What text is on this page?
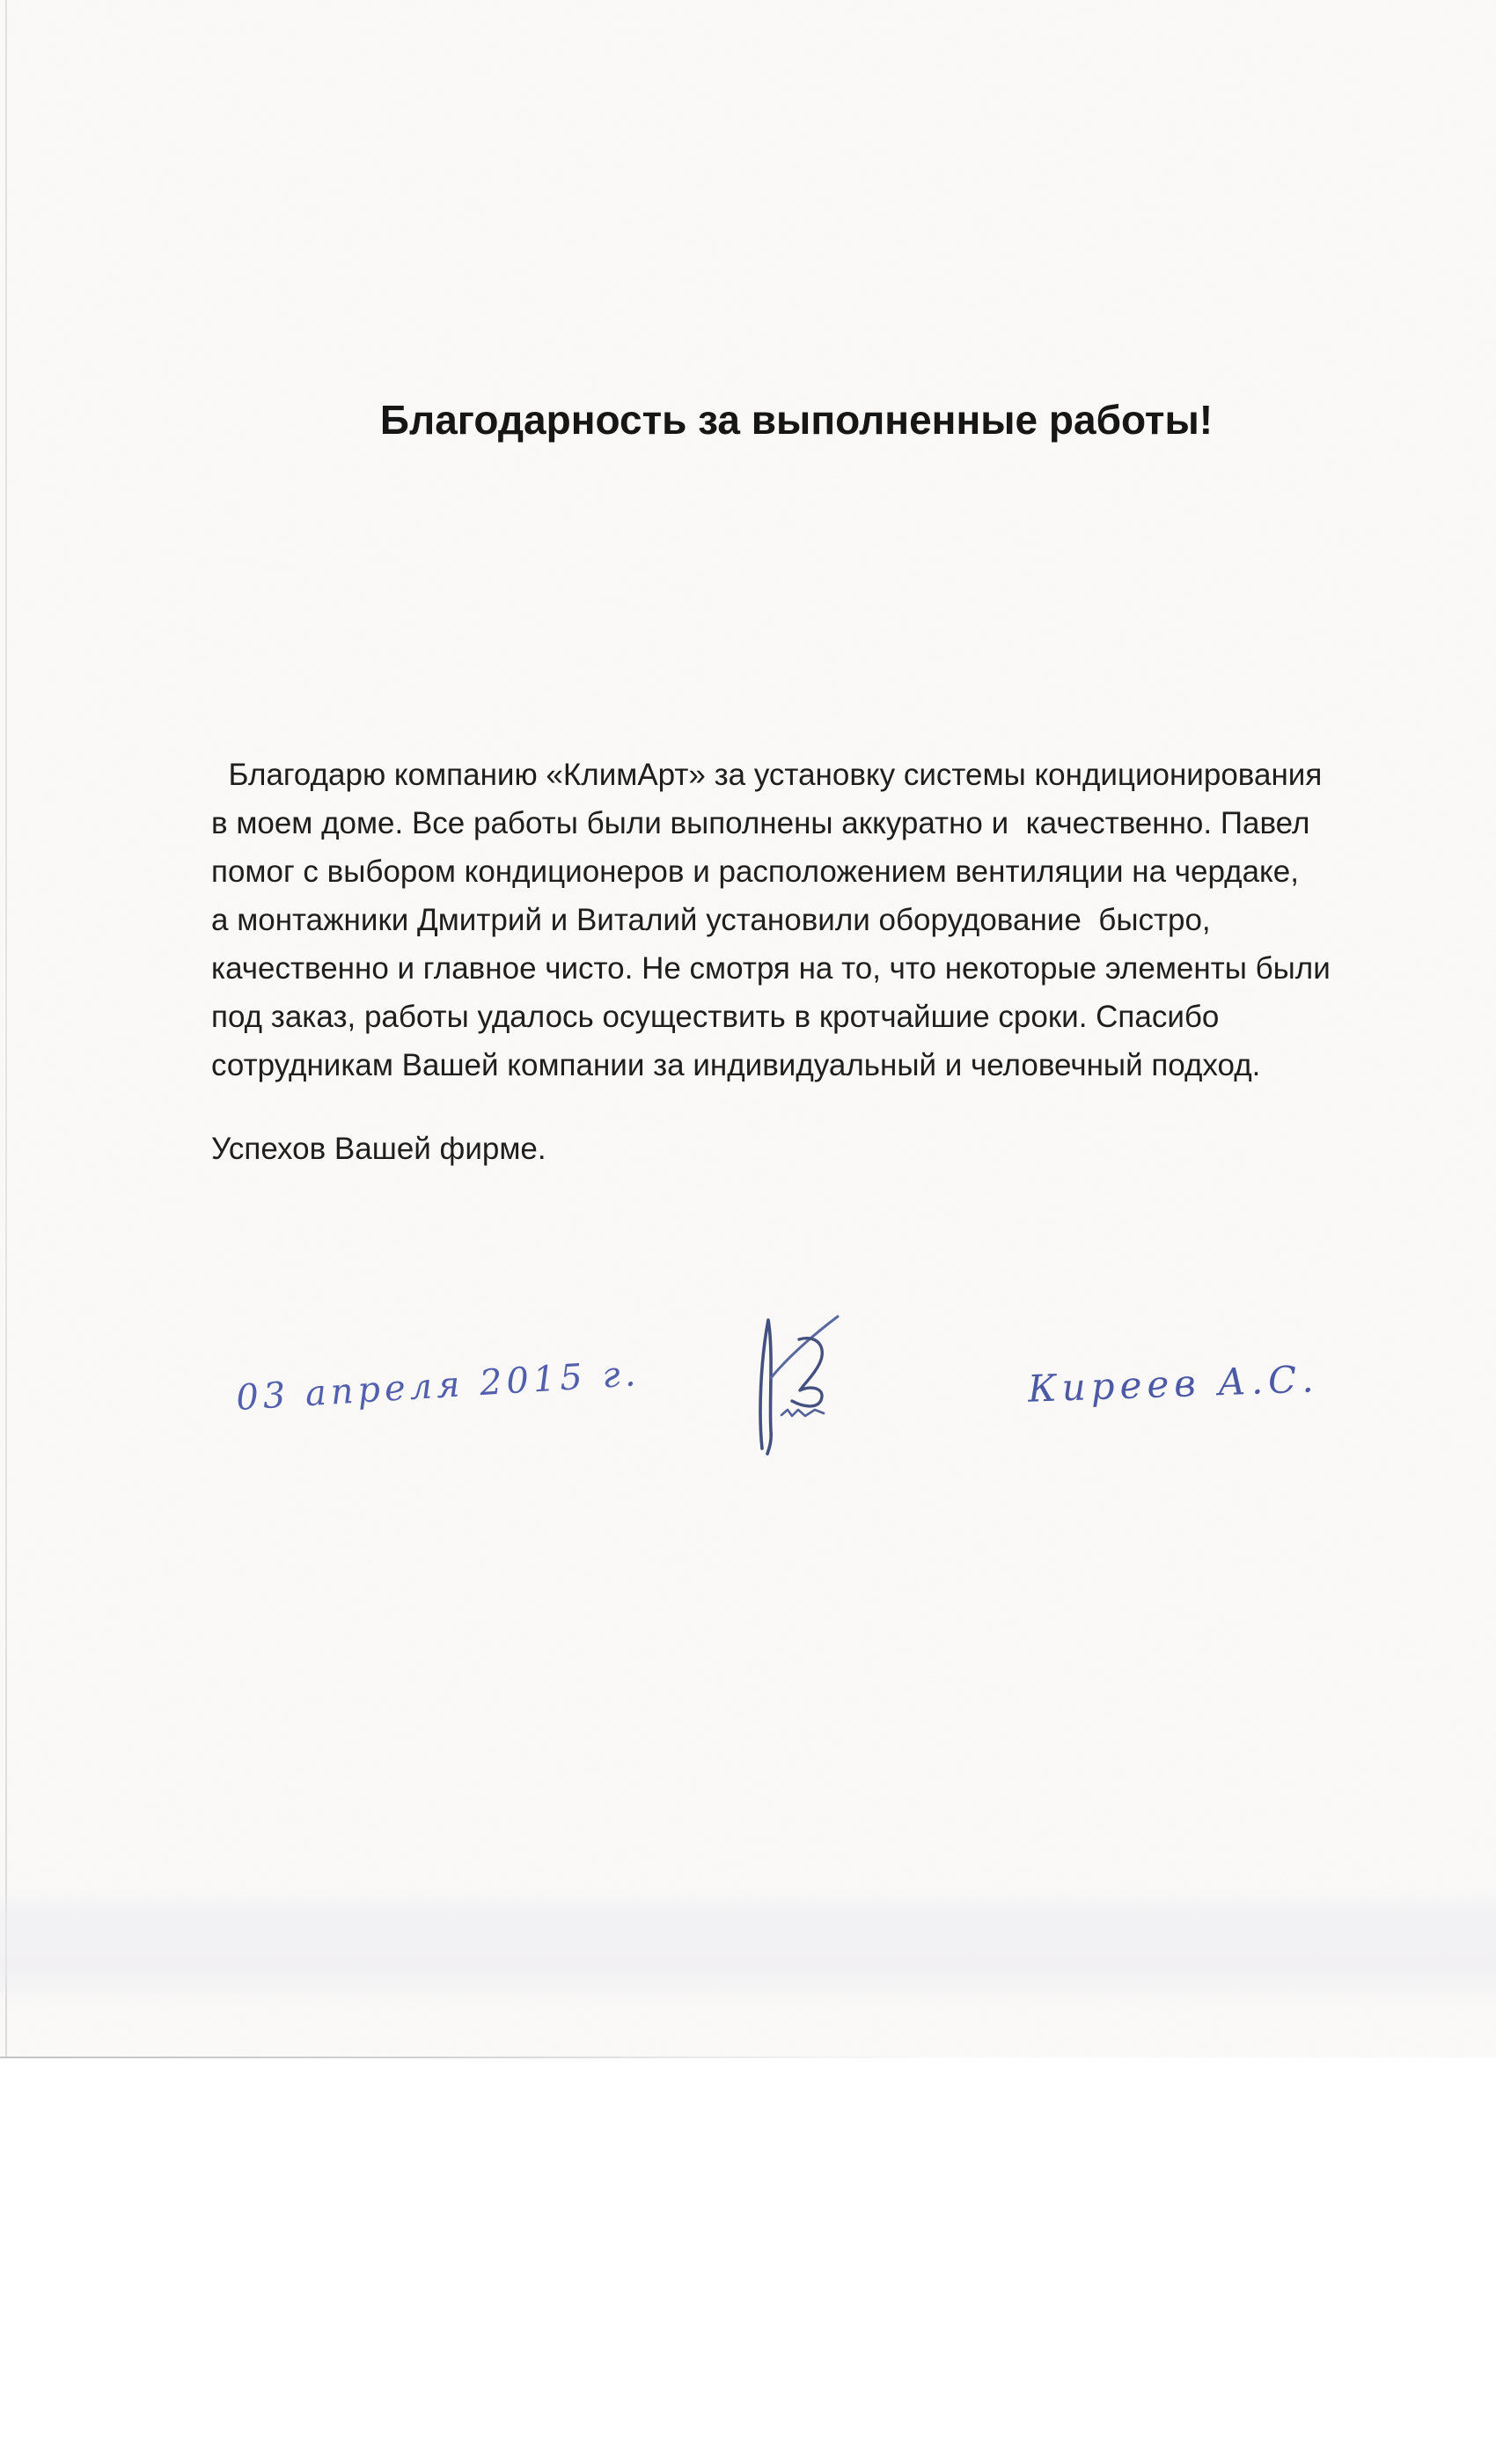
Благодарность за выполненные работы!
Благодарю компанию «КлимАрт» за установку системы кондиционирования
в моем доме. Все работы были выполнены аккуратно и  качественно. Павел
помог с выбором кондиционеров и расположением вентиляции на чердаке,
а монтажники Дмитрий и Виталий установили оборудование  быстро,
качественно и главное чисто. Не смотря на то, что некоторые элементы были
под заказ, работы удалось осуществить в кротчайшие сроки. Спасибо
сотрудникам Вашей компании за индивидуальный и человечный подход.
Успехов Вашей фирме.
03 апреля 2015 г.	Киреев А.С.
